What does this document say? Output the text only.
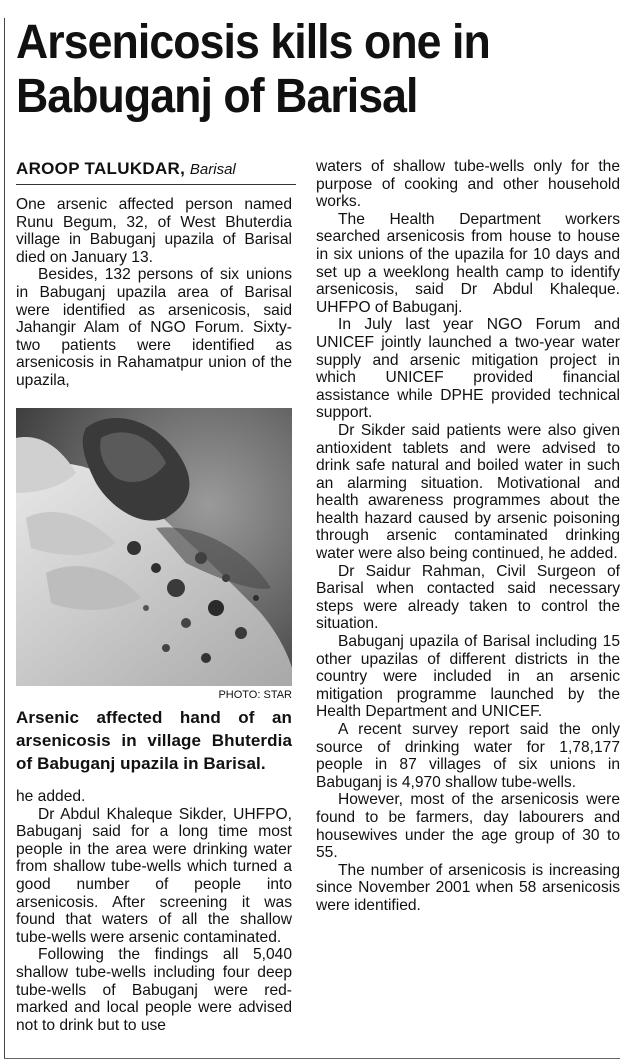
Arsenicosis kills one in
Babuganj of Barisal
AROOP TALUKDAR, Barisal

One arsenic affected person named Runu Begum, 32, of West Bhuterdia village in Babuganj upazila of Barisal died on January 13.

Besides, 132 persons of six unions in Babuganj upazila area of Barisal were identified as arsenicosis, said Jahangir Alam of NGO Forum. Sixty-two patients were identified as arsenicosis in Rahamatpur union of the upazila,

PHOTO: STAR
Arsenic affected hand of an arsenicosis in village Bhuterdia of Babuganj upazila in Barisal.

he added.

Dr Abdul Khaleque Sikder, UHFPO, Babuganj said for a long time most people in the area were drinking water from shallow tube-wells which turned a good number of people into arsenicosis. After screening it was found that waters of all the shallow tube-wells were arsenic contaminated.

Following the findings all 5,040 shallow tube-wells including four deep tube-wells of Babuganj were red-marked and local people were advised not to drink but to use

waters of shallow tube-wells only for the purpose of cooking and other household works.

The Health Department workers searched arsenicosis from house to house in six unions of the upazila for 10 days and set up a weeklong health camp to identify arsenicosis, said Dr Abdul Khaleque. UHFPO of Babuganj.

In July last year NGO Forum and UNICEF jointly launched a two-year water supply and arsenic mitigation project in which UNICEF provided financial assistance while DPHE provided technical support.

Dr Sikder said patients were also given antioxident tablets and were advised to drink safe natural and boiled water in such an alarming situation. Motivational and health awareness programmes about the health hazard caused by arsenic poisoning through arsenic contaminated drinking water were also being continued, he added.

Dr Saidur Rahman, Civil Surgeon of Barisal when contacted said necessary steps were already taken to control the situation.

Babuganj upazila of Barisal including 15 other upazilas of different districts in the country were included in an arsenic mitigation programme launched by the Health Department and UNICEF.

A recent survey report said the only source of drinking water for 1,78,177 people in 87 villages of six unions in Babuganj is 4,970 shallow tube-wells.

However, most of the arsenicosis were found to be farmers, day labourers and housewives under the age group of 30 to 55.

The number of arsenicosis is increasing since November 2001 when 58 arsenicosis were identified.
